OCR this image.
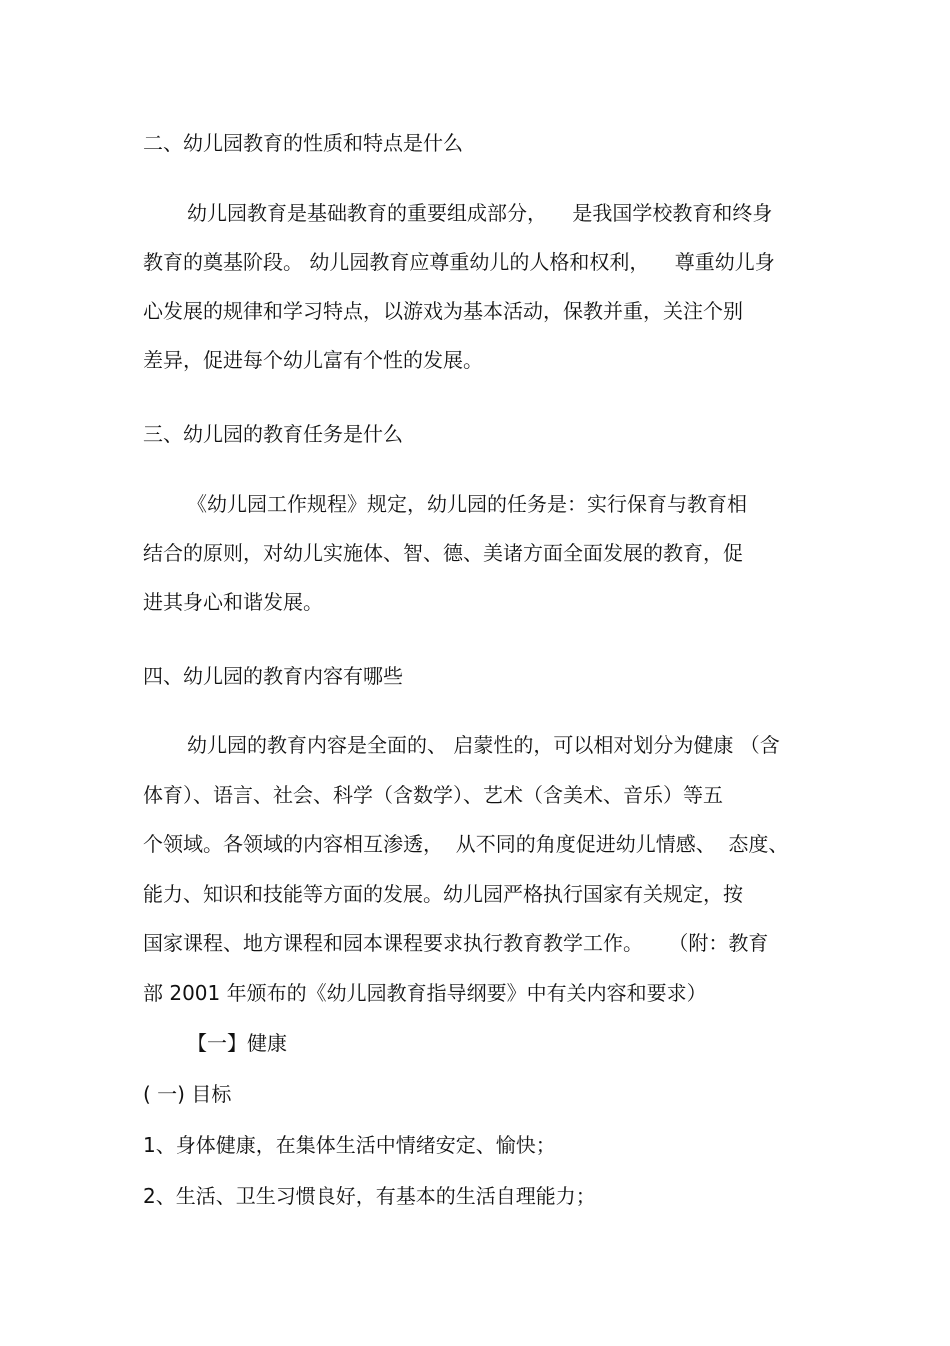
二、幼儿园教育的性质和特点是什么

幼儿园教育是基础教育的重要组成部分，    是我国学校教育和终身

教育的奠基阶段。 幼儿园教育应尊重幼儿的人格和权利，    尊重幼儿身

心发展的规律和学习特点，以游戏为基本活动，保教并重，关注个别

差异，促进每个幼儿富有个性的发展。

三、幼儿园的教育任务是什么

《幼儿园工作规程》规定，幼儿园的任务是：实行保育与教育相

结合的原则，对幼儿实施体、智、德、美诸方面全面发展的教育，促

进其身心和谐发展。

四、幼儿园的教育内容有哪些

幼儿园的教育内容是全面的、 启蒙性的，可以相对划分为健康 （含

体育）、语言、社会、科学（含数学）、艺术（含美术、音乐）等五

个领域。各领域的内容相互渗透，  从不同的角度促进幼儿情感、  态度、

能力、知识和技能等方面的发展。幼儿园严格执行国家有关规定，按

国家课程、地方课程和园本课程要求执行教育教学工作。    （附：教育

部 2001 年颁布的《幼儿园教育指导纲要》中有关内容和要求）

【一】健康

( 一) 目标

1、身体健康，在集体生活中情绪安定、愉快；

2、生活、卫生习惯良好，有基本的生活自理能力；
